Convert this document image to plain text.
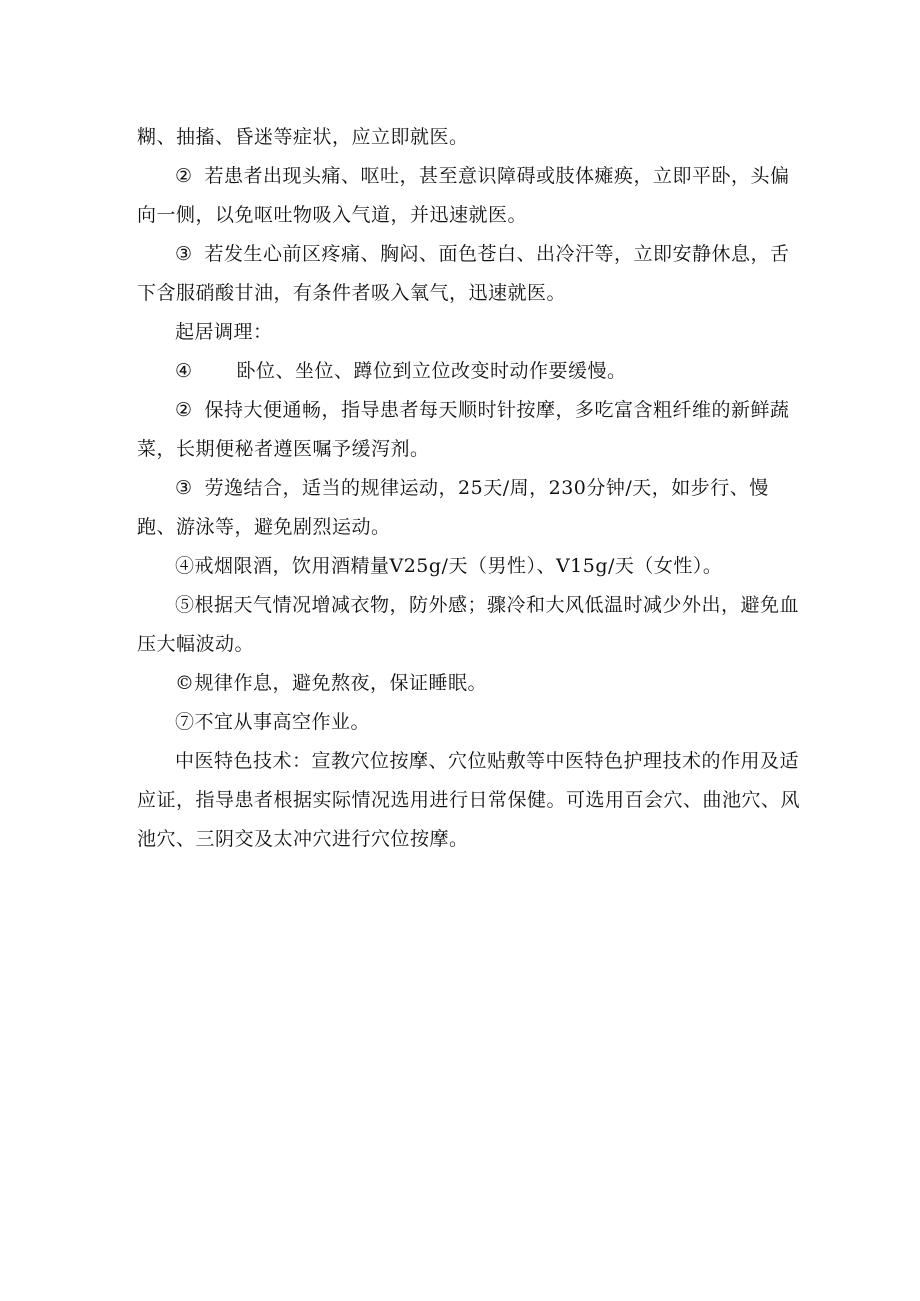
糊、抽搐、昏迷等症状，应立即就医。

② 若患者出现头痛、呕吐，甚至意识障碍或肢体瘫痪，立即平卧，头偏向一侧，以免呕吐物吸入气道，并迅速就医。

③ 若发生心前区疼痛、胸闷、面色苍白、出冷汗等，立即安静休息，舌下含服硝酸甘油，有条件者吸入氧气，迅速就医。

起居调理：

④ 卧位、坐位、蹲位到立位改变时动作要缓慢。

② 保持大便通畅，指导患者每天顺时针按摩，多吃富含粗纤维的新鲜蔬菜，长期便秘者遵医嘱予缓泻剂。

③ 劳逸结合，适当的规律运动，25天/周，230分钟/天，如步行、慢跑、游泳等，避免剧烈运动。

④戒烟限酒，饮用酒精量V25g/天（男性）、V15g/天（女性）。

⑤根据天气情况增减衣物，防外感；骤冷和大风低温时减少外出，避免血压大幅波动。

©规律作息，避免熬夜，保证睡眠。

⑦不宜从事高空作业。

中医特色技术：宣教穴位按摩、穴位贴敷等中医特色护理技术的作用及适应证，指导患者根据实际情况选用进行日常保健。可选用百会穴、曲池穴、风池穴、三阴交及太冲穴进行穴位按摩。
